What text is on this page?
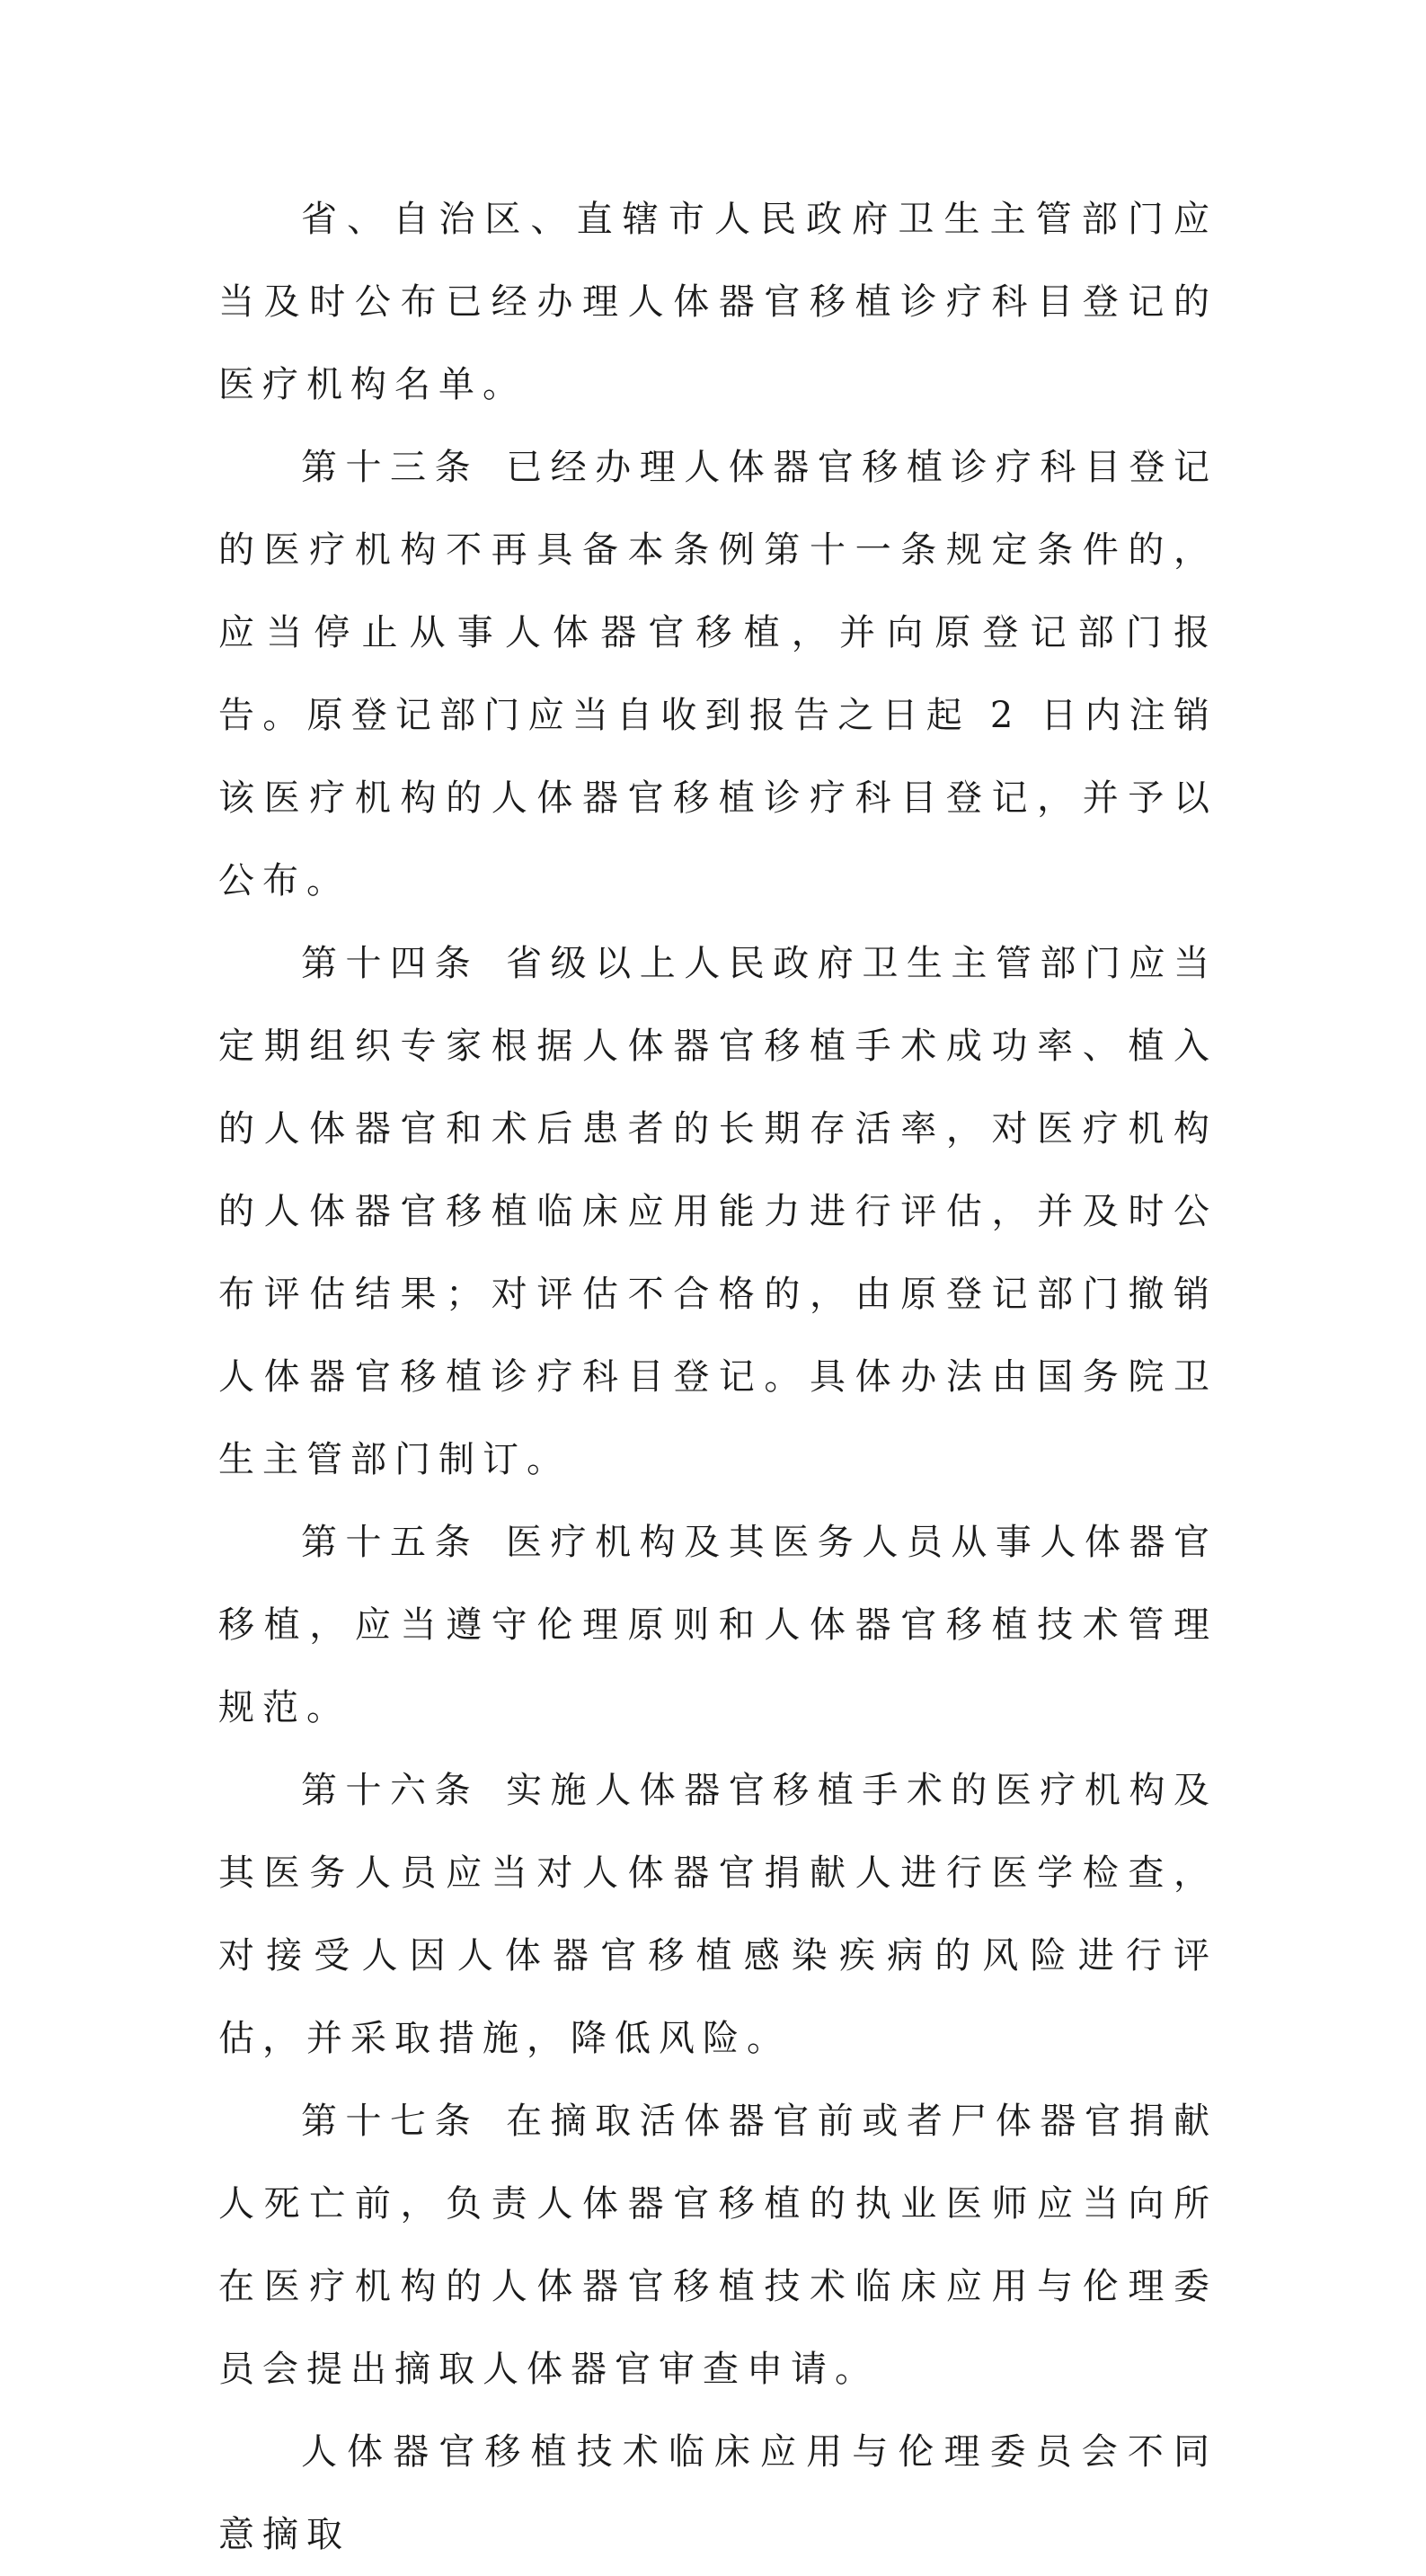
省、自治区、直辖市人民政府卫生主管部门应当及时公布已经办理人体器官移植诊疗科目登记的医疗机构名单。

第十三条 已经办理人体器官移植诊疗科目登记的医疗机构不再具备本条例第十一条规定条件的，应当停止从事人体器官移植，并向原登记部门报告。原登记部门应当自收到报告之日起 2 日内注销该医疗机构的人体器官移植诊疗科目登记，并予以公布。

第十四条 省级以上人民政府卫生主管部门应当定期组织专家根据人体器官移植手术成功率、植入的人体器官和术后患者的长期存活率，对医疗机构的人体器官移植临床应用能力进行评估，并及时公布评估结果；对评估不合格的，由原登记部门撤销人体器官移植诊疗科目登记。具体办法由国务院卫生主管部门制订。

第十五条 医疗机构及其医务人员从事人体器官移植，应当遵守伦理原则和人体器官移植技术管理规范。

第十六条 实施人体器官移植手术的医疗机构及其医务人员应当对人体器官捐献人进行医学检查，对接受人因人体器官移植感染疾病的风险进行评估，并采取措施，降低风险。

第十七条 在摘取活体器官前或者尸体器官捐献人死亡前，负责人体器官移植的执业医师应当向所在医疗机构的人体器官移植技术临床应用与伦理委员会提出摘取人体器官审查申请。

人体器官移植技术临床应用与伦理委员会不同意摘取
